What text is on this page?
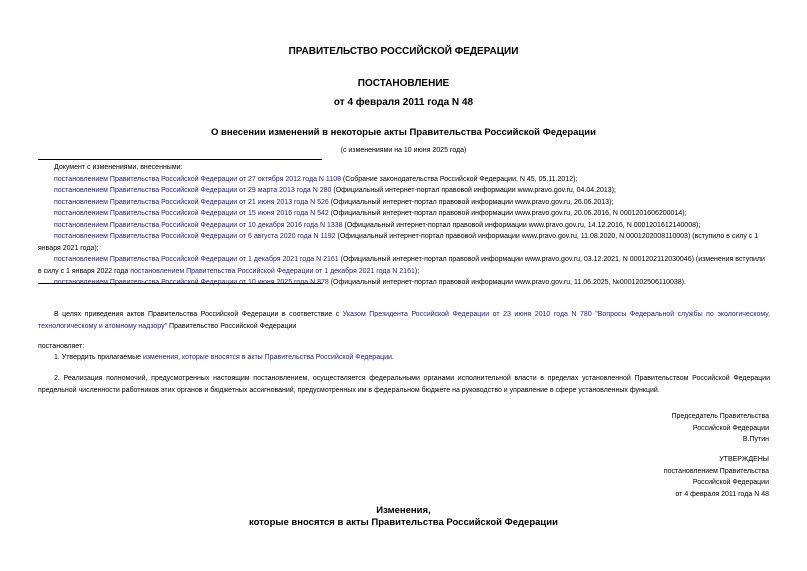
ПРАВИТЕЛЬСТВО РОССИЙСКОЙ ФЕДЕРАЦИИ
ПОСТАНОВЛЕНИЕ
от 4 февраля 2011 года N 48
О внесении изменений в некоторые акты Правительства Российской Федерации
(с изменениями на 10 июня 2025 года)
Документ с изменениями, внесенными:
постановлением Правительства Российской Федерации от 27 октября 2012 года N 1108 (Собрание законодательства Российской Федерации, N 45, 05.11.2012);
постановлением Правительства Российской Федерации от 29 марта 2013 года N 280 (Официальный интернет-портал правовой информации www.pravo.gov.ru, 04.04.2013);
постановлением Правительства Российской Федерации от 21 июня 2013 года N 526 (Официальный интернет-портал правовой информации www.pravo.gov.ru, 26.06.2013);
постановлением Правительства Российской Федерации от 15 июня 2016 года N 542 (Официальный интернет-портал правовой информации www.pravo.gov.ru, 20.06.2016, N 0001201606200014);
постановлением Правительства Российской Федерации от 10 декабря 2016 года N 1338 (Официальный интернет-портал правовой информации www.pravo.gov.ru, 14.12.2016, N 0001201612140008);
постановлением Правительства Российской Федерации от 6 августа 2020 года N 1192 (Официальный интернет-портал правовой информации www.pravo.gov.ru, 11.08.2020, N 0001202008110003) (вступило в силу с 1 января 2021 года);
постановлением Правительства Российской Федерации от 1 декабря 2021 года N 2161 (Официальный интернет-портал правовой информации www.pravo.gov.ru, 03.12.2021, N 0001202112030046) (изменения вступили в силу с 1 января 2022 года постановлением Правительства Российской Федерации от 1 декабря 2021 года N 2161);
постановлением Правительства Российской Федерации от 10 июня 2025 года N 878 (Официальный интернет-портал правовой информации www.pravo.gov.ru, 11.06.2025, №0001202506110038).
В целях приведения актов Правительства Российской Федерации в соответствие с Указом Президента Российской Федерации от 23 июня 2010 года N 780 "Вопросы Федеральной службы по экологическому, технологическому и атомному надзору" Правительство Российской Федерации
постановляет:
1. Утвердить прилагаемые изменения, которые вносятся в акты Правительства Российской Федерации.
2. Реализация полномочий, предусмотренных настоящим постановлением, осуществляется федеральными органами исполнительной власти в пределах установленной Правительством Российской Федерации предельной численности работников этих органов и бюджетных ассигнований, предусмотренных им в федеральном бюджете на руководство и управление в сфере установленных функций.
Председатель Правительства
Российской Федерации
В.Путин
УТВЕРЖДЕНЫ
постановлением Правительства
Российской Федерации
от 4 февраля 2011 года N 48
Изменения,
которые вносятся в акты Правительства Российской Федерации
